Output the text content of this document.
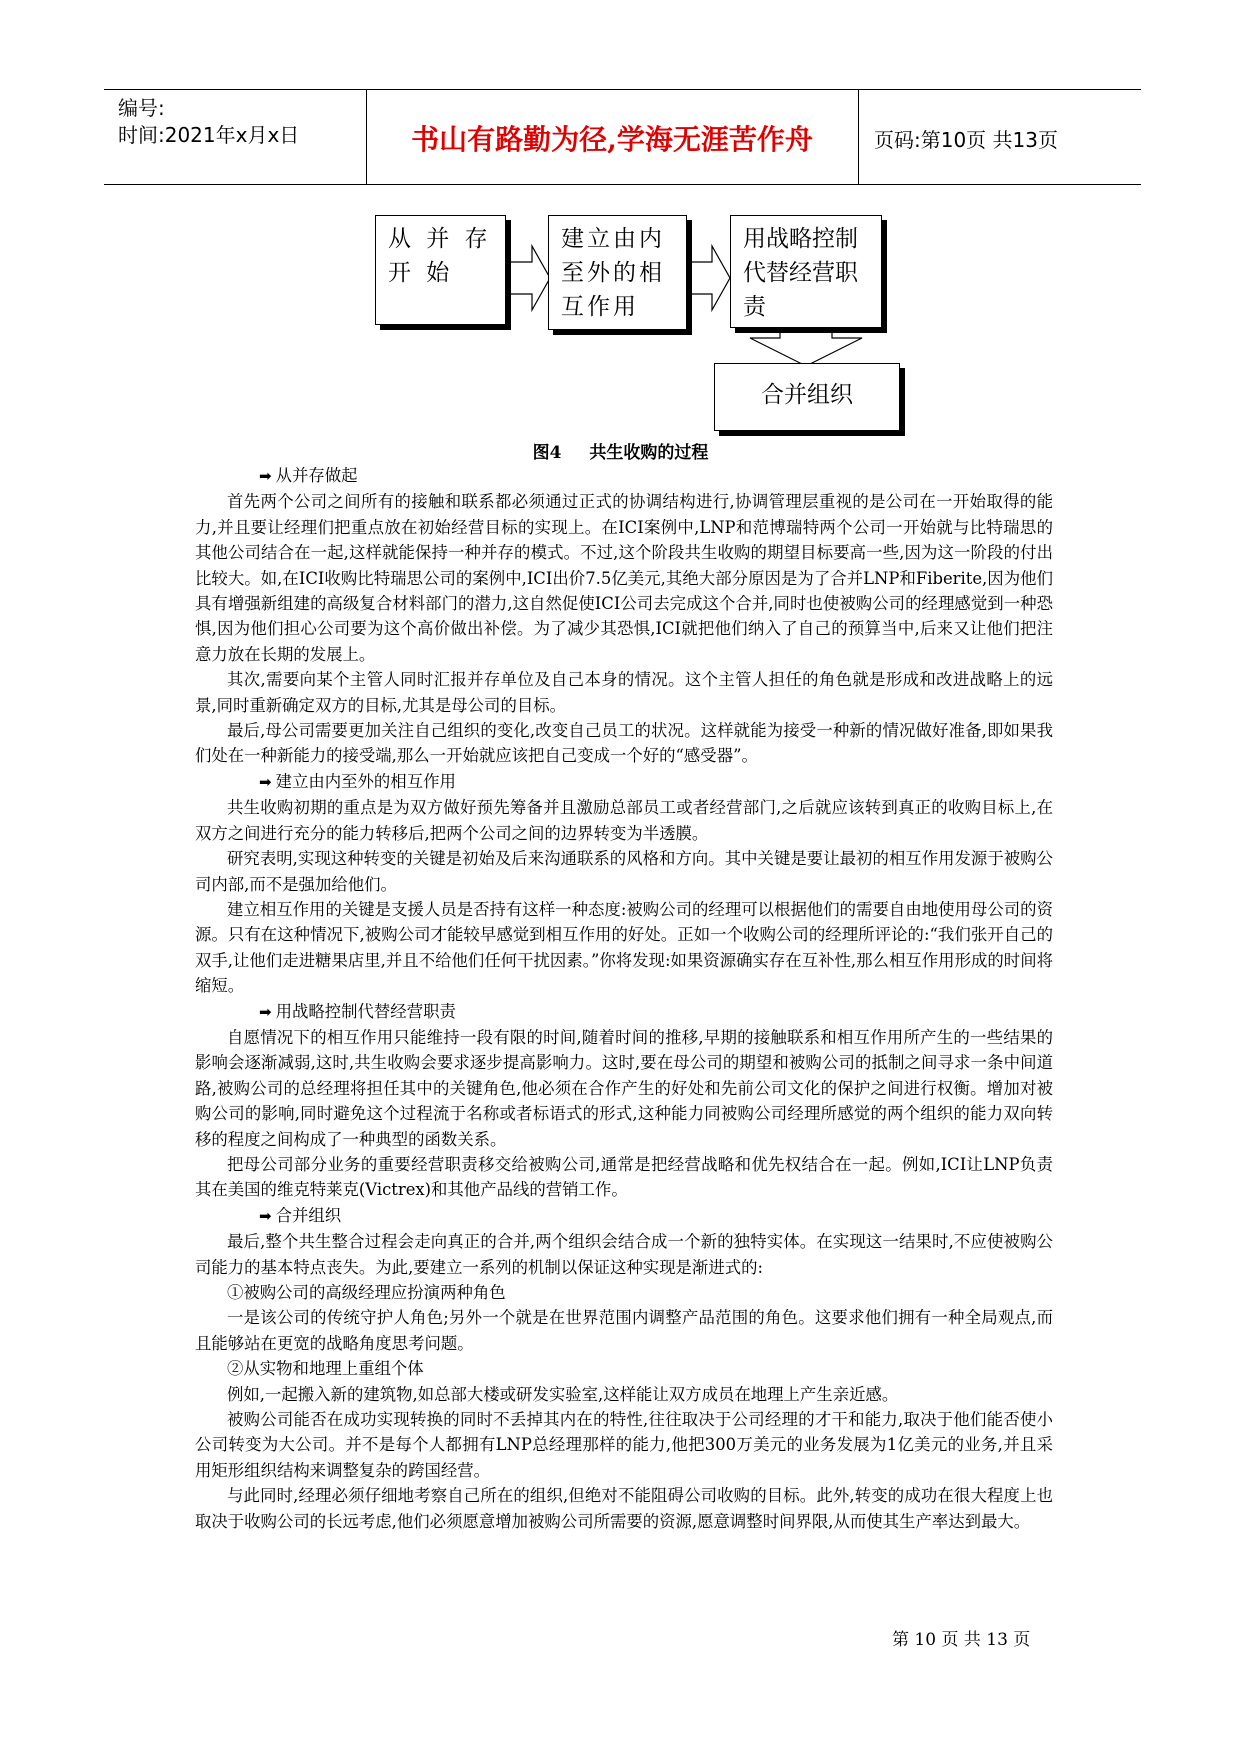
编号:
时间:2021年x月x日	书山有路勤为径,学海无涯苦作舟	页码:第10页 共13页
从 并 存 开 始
建立由内至外的相互作用
用战略控制代替经营职责
合并组织
图4 共生收购的过程

➡ 从并存做起

首先两个公司之间所有的接触和联系都必须通过正式的协调结构进行,协调管理层重视的是公司在一开始取得的能力,并且要让经理们把重点放在初始经营目标的实现上。在ICI案例中,LNP和范博瑞特两个公司一开始就与比特瑞思的其他公司结合在一起,这样就能保持一种并存的模式。不过,这个阶段共生收购的期望目标要高一些,因为这一阶段的付出比较大。如,在ICI收购比特瑞思公司的案例中,ICI出价7.5亿美元,其绝大部分原因是为了合并LNP和Fiberite,因为他们具有增强新组建的高级复合材料部门的潜力,这自然促使ICI公司去完成这个合并,同时也使被购公司的经理感觉到一种恐惧,因为他们担心公司要为这个高价做出补偿。为了减少其恐惧,ICI就把他们纳入了自己的预算当中,后来又让他们把注意力放在长期的发展上。

其次,需要向某个主管人同时汇报并存单位及自己本身的情况。这个主管人担任的角色就是形成和改进战略上的远景,同时重新确定双方的目标,尤其是母公司的目标。

最后,母公司需要更加关注自己组织的变化,改变自己员工的状况。这样就能为接受一种新的情况做好准备,即如果我们处在一种新能力的接受端,那么一开始就应该把自己变成一个好的“感受器”。

➡ 建立由内至外的相互作用

共生收购初期的重点是为双方做好预先筹备并且激励总部员工或者经营部门,之后就应该转到真正的收购目标上,在双方之间进行充分的能力转移后,把两个公司之间的边界转变为半透膜。

研究表明,实现这种转变的关键是初始及后来沟通联系的风格和方向。其中关键是要让最初的相互作用发源于被购公司内部,而不是强加给他们。

建立相互作用的关键是支援人员是否持有这样一种态度:被购公司的经理可以根据他们的需要自由地使用母公司的资源。只有在这种情况下,被购公司才能较早感觉到相互作用的好处。正如一个收购公司的经理所评论的:“我们张开自己的双手,让他们走进糖果店里,并且不给他们任何干扰因素。”你将发现:如果资源确实存在互补性,那么相互作用形成的时间将缩短。

➡ 用战略控制代替经营职责

自愿情况下的相互作用只能维持一段有限的时间,随着时间的推移,早期的接触联系和相互作用所产生的一些结果的影响会逐渐减弱,这时,共生收购会要求逐步提高影响力。这时,要在母公司的期望和被购公司的抵制之间寻求一条中间道路,被购公司的总经理将担任其中的关键角色,他必须在合作产生的好处和先前公司文化的保护之间进行权衡。增加对被购公司的影响,同时避免这个过程流于名称或者标语式的形式,这种能力同被购公司经理所感觉的两个组织的能力双向转移的程度之间构成了一种典型的函数关系。

把母公司部分业务的重要经营职责移交给被购公司,通常是把经营战略和优先权结合在一起。例如,ICI让LNP负责其在美国的维克特莱克(Victrex)和其他产品线的营销工作。

➡ 合并组织

最后,整个共生整合过程会走向真正的合并,两个组织会结合成一个新的独特实体。在实现这一结果时,不应使被购公司能力的基本特点丧失。为此,要建立一系列的机制以保证这种实现是渐进式的:

①被购公司的高级经理应扮演两种角色

一是该公司的传统守护人角色;另外一个就是在世界范围内调整产品范围的角色。这要求他们拥有一种全局观点,而且能够站在更宽的战略角度思考问题。

②从实物和地理上重组个体

例如,一起搬入新的建筑物,如总部大楼或研发实验室,这样能让双方成员在地理上产生亲近感。

被购公司能否在成功实现转换的同时不丢掉其内在的特性,往往取决于公司经理的才干和能力,取决于他们能否使小公司转变为大公司。并不是每个人都拥有LNP总经理那样的能力,他把300万美元的业务发展为1亿美元的业务,并且采用矩形组织结构来调整复杂的跨国经营。

与此同时,经理必须仔细地考察自己所在的组织,但绝对不能阻碍公司收购的目标。此外,转变的成功在很大程度上也取决于收购公司的长远考虑,他们必须愿意增加被购公司所需要的资源,愿意调整时间界限,从而使其生产率达到最大。

第 10 页 共 13 页
